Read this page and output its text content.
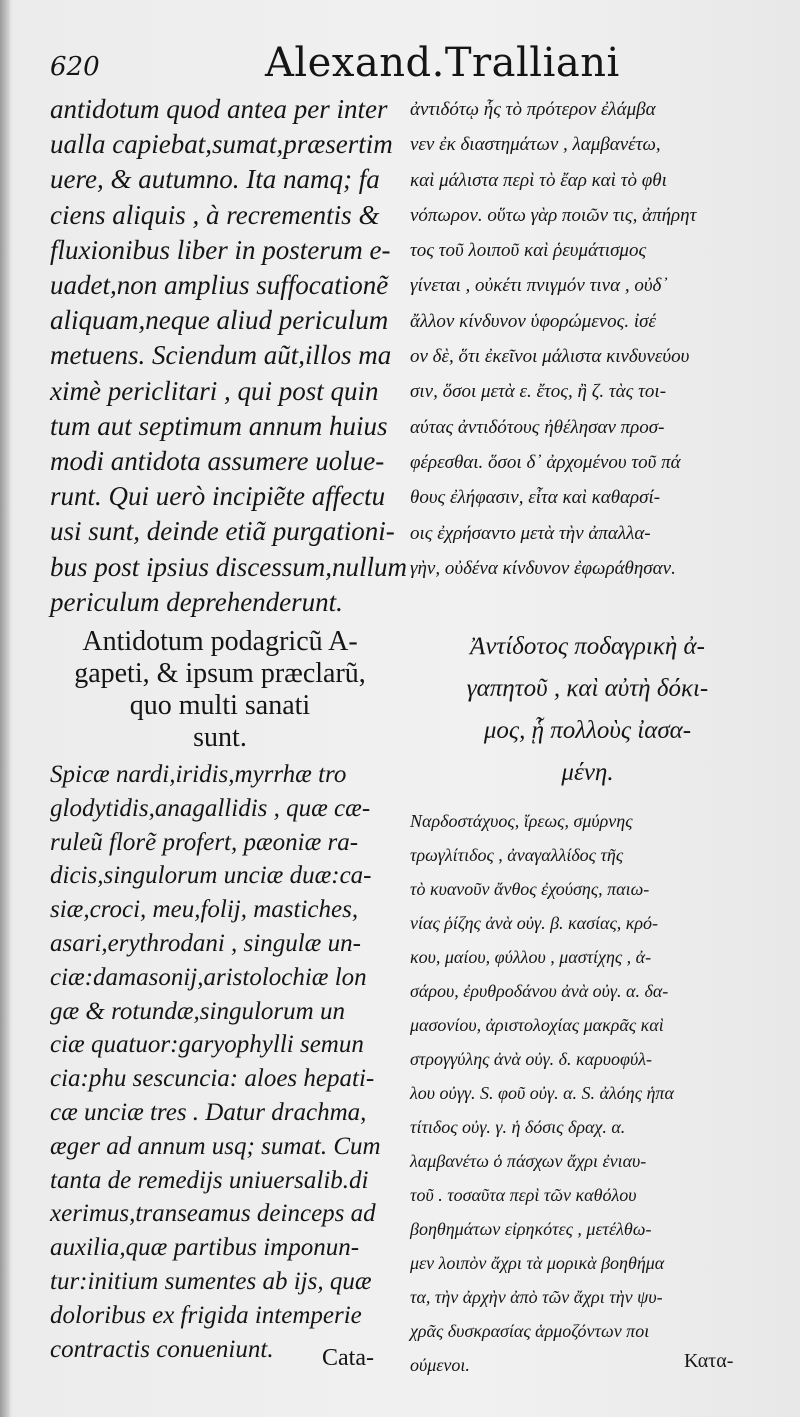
620	Alexand.Tralliani
antidotum quod antea per inter
ualla capiebat,sumat,præsertim
uere, & autumno. Ita namq; fa
ciens aliquis , à recrementis &
fluxionibus liber in posterum e-
uadet,non amplius suffocationẽ
aliquam,neque aliud periculum
metuens. Sciendum aũt,illos ma
ximè periclitari , qui post quin
tum aut septimum annum huius
modi antidota assumere uolue-
runt. Qui uerò incipiẽte affectu
usi sunt, deinde etiã purgationi-
bus post ipsius discessum,nullum
periculum deprehenderunt.
Antidotum podagricũ A-
gapeti, & ipsum præclarũ,
quo multi sanati
sunt.
Spicæ nardi,iridis,myrrhæ tro
glodytidis,anagallidis , quæ cæ-
ruleũ florẽ profert, pæoniæ ra-
dicis,singulorum unciæ duæ:ca-
siæ,croci, meu,folij, mastiches,
asari,erythrodani , singulæ un-
ciæ:damasonij,aristolochiæ lon
gæ & rotundæ,singulorum un
ciæ quatuor:garyophylli semun
cia:phu sescuncia: aloes hepati-
cæ unciæ tres . Datur drachma,
æger ad annum usq; sumat. Cum
tanta de remedijs uniuersalib.di
xerimus,transeamus deinceps ad
auxilia,quæ partibus imponun-
tur:initium sumentes ab ijs, quæ
doloribus ex frigida intemperie
contractis conueniunt.
ἀντιδότῳ ἧς τὸ πρότερον ἐλάμβα
νεν ἐκ διαστημάτων , λαμβανέτω,
καὶ μάλιστα περὶ τὸ ἔαρ καὶ τὸ φθι
νόπωρον. οὕτω γὰρ ποιῶν τις, ἀπήρητ
τος τοῦ λοιποῦ καὶ ῥευμάτισμος
γίνεται , οὐκέτι πνιγμόν τινα , οὐδ᾽
ἄλλον κίνδυνον ὑφορώμενος. ἰσέ
ον δὲ, ὅτι ἐκεῖνοι μάλιστα κινδυνεύου
σιν, ὅσοι μετὰ ε. ἔτος, ἢ ζ. τὰς τοι-
αύτας ἀντιδότους ἠθέλησαν προσ-
φέρεσθαι. ὅσοι δ᾽ ἀρχομένου τοῦ πά
θους ἐλήφασιν, εἶτα καὶ καθαρσί-
οις ἐχρήσαντο μετὰ τὴν ἀπαλλα-
γὴν, οὐδένα κίνδυνον ἐφωράθησαν.
Ἀντίδοτος ποδαγρικὴ ἀ-
γαπητοῦ , καὶ αὐτὴ δόκι-
μος, ᾗ πολλοὺς ἰασα-
μένη.
Ναρδοστάχυος, ἴρεως, σμύρνης
τρωγλίτιδος , ἀναγαλλίδος τῆς
τὸ κυανοῦν ἄνθος ἐχούσης, παιω-
νίας ῥίζης ἀνὰ οὐγ. β. κασίας, κρό-
κου, μαίου, φύλλου , μαστίχης , ἀ-
σάρου, ἐρυθροδάνου ἀνὰ οὐγ. α. δα-
μασονίου, ἀριστολοχίας μακρᾶς καὶ
στρογγύλης ἀνὰ οὐγ. δ. καρυοφύλ-
λου οὐγγ. S. φοῦ οὐγ. α. S. ἀλόης ἡπα
τίτιδος οὐγ. γ. ἡ δόσις δραχ. α.
λαμβανέτω ὁ πάσχων ἄχρι ἐνιαυ-
τοῦ . τοσαῦτα περὶ τῶν καθόλου
βοηθημάτων εἰρηκότες , μετέλθω-
μεν λοιπὸν ἄχρι τὰ μορικὰ βοηθήμα
τα, τὴν ἀρχὴν ἀπὸ τῶν ἄχρι τὴν ψυ-
χρᾶς δυσκρασίας ἁρμοζόντων ποι
ούμενοι.
Cata-	Κατα-
